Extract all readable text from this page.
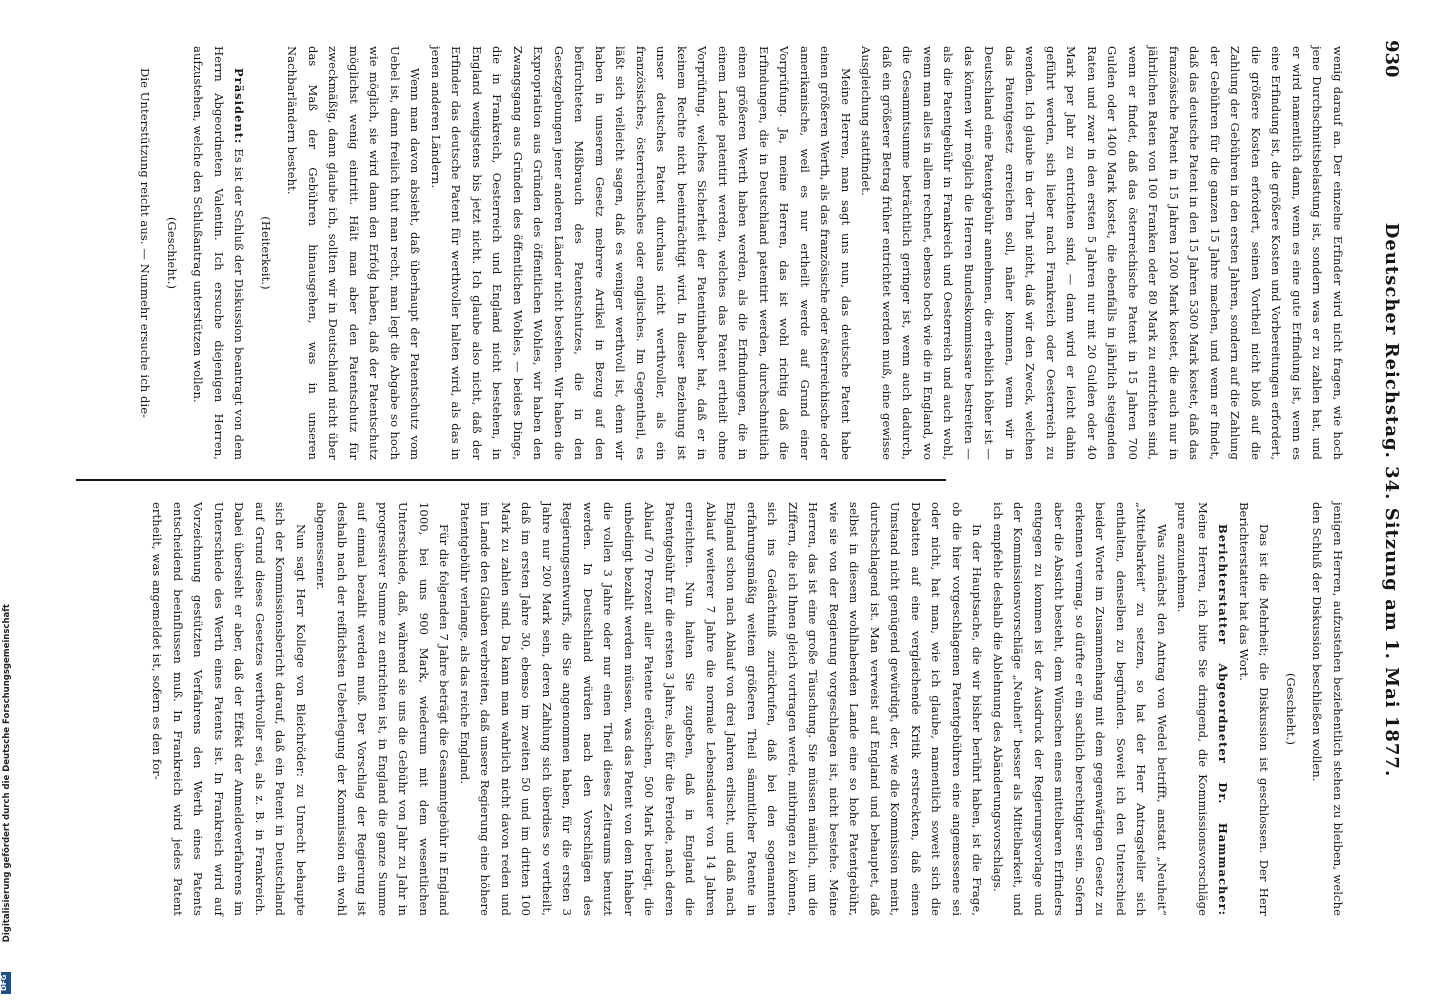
930
Deutscher Reichstag. 34. Sitzung am 1. Mai 1877.

wenig darauf an. Der einzelne Erfinder wird nicht fragen, wie hoch jene Durchschnittsbelastung ist, sondern was er zu zahlen hat, und er wird namentlich dann, wenn es eine gute Erfindung ist, wenn es eine Erfindung ist, die größere Kosten und Vorbereitungen erfordert, die größere Kosten erfordert, seinen Vortheil nicht bloß auf die Zahlung der Gebühren in den ersten Jahren, sondern auf die Zahlung der Gebühren für die ganzen 15 Jahre machen, und wenn er findet, daß das deutsche Patent in den 15 Jahren 5300 Mark kostet, daß das französische Patent in 15 Jahren 1200 Mark kostet, die auch nur in jährlichen Raten von 100 Franken oder 80 Mark zu entrichten sind, wenn er findet, daß das österreichische Patent in 15 Jahren 700 Gulden oder 1400 Mark kostet, die ebenfalls in jährlich steigenden Raten und zwar in den ersten 5 Jahren nur mit 20 Gulden oder 40 Mark per Jahr zu entrichten sind, — dann wird er leicht dahin geführt werden, sich lieber nach Frankreich oder Oesterreich zu wenden. Ich glaube in der That nicht, daß wir den Zweck, welchen das Patentgesetz erreichen soll, näher kommen, wenn wir in Deutschland eine Patentgebühr annehmen, die erheblich höher ist — das können wir möglich die Herren Bundeskommissare bestreiten — als die Patentgebühr in Frankreich und Oesterreich und auch wohl, wenn man alles in allem rechnet, ebenso hoch wie die in England, wo die Gesammtsumme beträchtlich geringer ist, wenn auch dadurch, daß ein größerer Betrag früher entrichtet werden muß, eine gewisse Ausgleichung stattfindet.

Meine Herren, man sagt uns nun, das deutsche Patent habe einen größeren Werth, als das französische oder österreichische oder amerikanische, weil es nur ertheilt werde auf Grund einer Vorprüfung. Ja, meine Herren, das ist wohl richtig daß die Erfindungen, die in Deutschland patentirt werden, durchschnittlich einen größeren Werth haben werden, als die Erfindungen, die in einem Lande patentirt werden, welches das Patent ertheilt ohne Vorprüfung, welches Sicherheit der Patentinhaber hat, daß er in keinem Rechte nicht beeinträchtigt wird. In dieser Beziehung ist unser deutsches Patent durchaus nicht werthvoller, als ein französisches, österreichisches oder englisches. Im Gegentheil, es läßt sich vielleicht sagen, daß es weniger werthvoll ist, denn wir haben in unserem Gesetz mehrere Artikel in Bezug auf den befürchteten Mißbrauch des Patentschutzes, die in den Gesetzgebungen jener anderen Länder nicht bestehen. Wir haben die Expropriation aus Gründen des öffentlichen Wohles, wir haben den Zwangsgang aus Gründen des öffentlichen Wohles, — beides Dinge, die in Frankreich, Oesterreich und England nicht bestehen, in England wenigstens bis jetzt nicht. Ich glaube also nicht, daß der Erfinder das deutsche Patent für werthvoller halten wird, als das in jenen anderen Ländern.

Wenn man davon absieht, daß überhaupt der Patentschutz vom Uebel ist, dann freilich thut man recht, man legt die Abgabe so hoch wie möglich, sie wird dann den Erfolg haben, daß der Patentschutz möglichst wenig eintritt. Hält man aber den Patentschutz für zweckmäßig, dann glaube ich, sollten wir in Deutschland nicht über das Maß der Gebühren hinausgehen, was in unseren Nachbarländern besteht.

(Heiterkeit.)

Präsident: Es ist der Schluß der Diskussion beantragt von dem Herrn Abgeordneten Valentin. Ich ersuche diejenigen Herren, aufzustehen, welche den Schlußantrag unterstützen wollen.

(Geschieht.)

Die Unterstützung reicht aus. — Nunmehr ersuche ich die-

jenigen Herren, aufzustehen beziehentlich stehen zu bleiben, welche den Schluß der Diskussion beschließen wollen.

(Geschieht.)

Das ist die Mehrheit; die Diskussion ist geschlossen. Der Herr Berichterstatter hat das Wort.

Berichterstatter Abgeordneter Dr. Hammacher: Meine Herren, ich bitte Sie dringend, die Kommissionsvorschläge pure anzunehmen.

Was zunächst den Antrag von Wedel betrifft, anstatt „Neuheit“ „Mittelbarkeit“ zu setzen, so hat der Herr Antragsteller sich enthalten, denselben zu begründen. Soweit ich den Unterschied beider Worte im Zusammenhang mit dem gegenwärtigen Gesetz zu erkennen vermag, so dürfte er ein sachlich berechtigter sein. Sofern aber die Absicht besteht, dem Wünschen eines mittelbaren Erfinders entgegen zu kommen ist der Ausdruck der Regierungsvorlage und der Kommissionsvorschläge „Neuheit“ besser als Mittelbarkeit, und ich empfehle deshalb die Ablehnung des Abänderungsvorschlags.

In der Hauptsache, die wir bisher berührt haben, ist die Frage, ob die hier vorgeschlagenen Patentgebühren eine angemessene sei oder nicht, hat man, wie ich glaube, namentlich soweit sich die Debatten auf eine vergleichende Kritik erstreckten, daß einen Umstand nicht genügend gewürdigt, der, wie die Kommission meint, durchschlagend ist. Man verweist auf England und behauptet, daß selbst in diesem wohlhabenden Lande eine so hohe Patentgebühr, wie sie von der Regierung vorgeschlagen ist, nicht bestehe. Meine Herren, das ist eine große Täuschung. Sie müssen nämlich, um die Ziffern, die ich Ihnen gleich vortragen werde, mitbringen zu können, sich ins Gedächtniß zurückrufen, daß bei den sogenannten erfahrungsmäßig weitem größeren Theil sämmtlicher Patente in England schon nach Ablauf von drei Jahren erlischt, und daß nach Ablauf weiterer 7 Jahre die normale Lebensdauer von 14 Jahren erreichten. Nun halten Sie zugeben, daß in England die Patentgebühr für die ersten 3 Jahre, also für die Periode, nach deren Ablauf 70 Prozent aller Patente erlöschen, 500 Mark beträgt, die unbedingt bezahlt werden müssen, was das Patent von dem Inhaber die vollen 3 Jahre oder nur einen Theil dieses Zeitraums benutzt werden. In Deutschland würden nach den Vorschlägen des Regierungsentwurfs, die Sie angenommen haben, für die ersten 3 Jahre nur 200 Mark sein, deren Zahlung sich überdies so vertheilt, daß im ersten Jahre 30, ebenso im zweiten 50 und im dritten 100 Mark zu zahlen sind. Da kann man wahrlich nicht davon reden und im Lande den Glauben verbreiten, daß unsere Regierung eine höhere Patentgebühr verlange, als das reiche England.

Für die folgenden 7 Jahre beträgt die Gesammtgebühr in England 1000, bei uns 900 Mark, wiederum mit dem wesentlichen Unterschiede, daß, während sie uns die Gebühr von Jahr zu Jahr in progressiver Summe zu entrichten ist, in England die ganze Summe auf einmal bezahlt werden muß. Der Vorschlag der Regierung ist deshalb nach der reiflichsten Ueberlegung der Kommission ein wohl abgemessener.

Nun sagt Herr Kollege von Bleichröder: zu Unrecht behaupte sich der Kommissionsbericht darauf, daß ein Patent in Deutschland auf Grund dieses Gesetzes werthvoller sei, als z. B. in Frankreich. Dabei übersieht er aber, daß der Effekt der Anmeldeverfahrens im Unterschiede des Werth eines Patents ist. In Frankreich wird auf Vorzeichnung gestützten Verfahrens den Werth eines Patents entscheidend beeinflussen muß. In Frankreich wird jedes Patent ertheilt, was angemeldet ist, sofern es den for-

Digitalisierung gefördert durch die Deutsche Forschungsgemeinschaft
DFG
